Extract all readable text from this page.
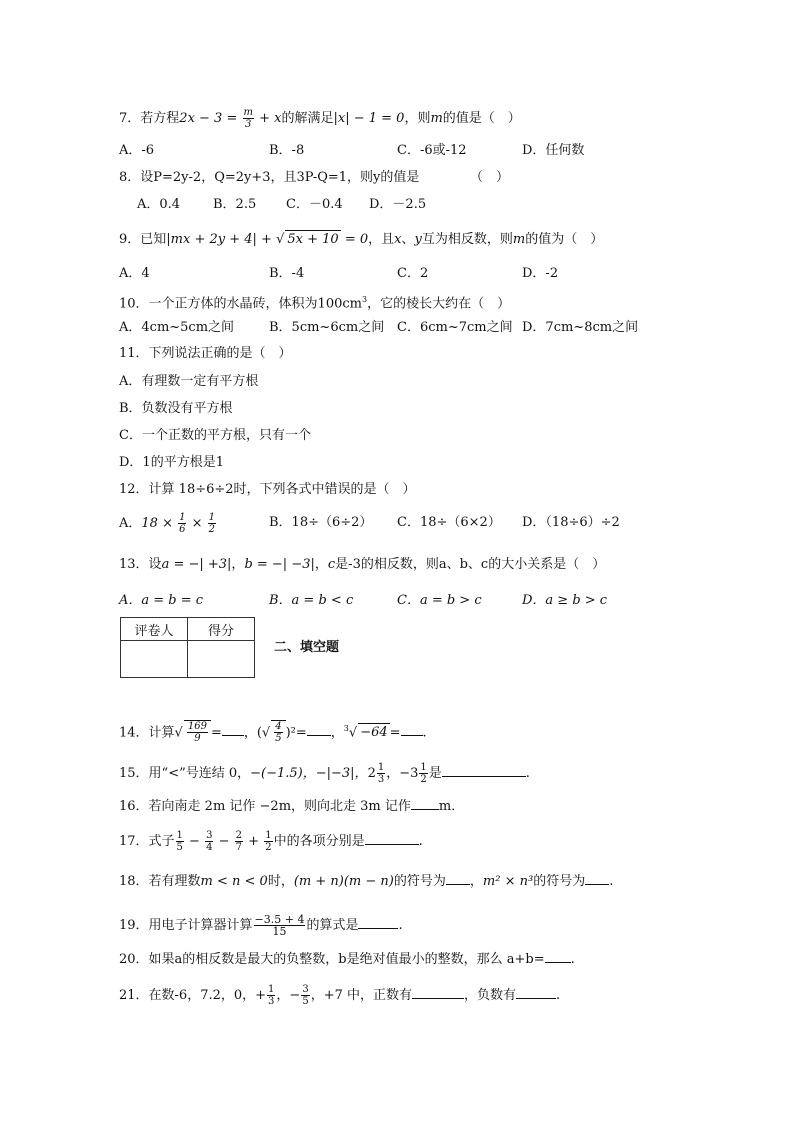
7．若方程$2x - 3 = \frac{m}{3} + x$的解满足|x| − 1 = 0，则m的值是（　）
A．-6	B．-8	C．-6或-12	D．任何数
8．设P=2y-2，Q=2y+3，且3P-Q=1，则y的值是	（　）
A．0.4	B．2.5 C．－0.4 D．－2.5
9．已知|mx + 2y + 4| + √ 5x + 10 = 0，且x、y互为相反数，则m的值为（　）
A．4	B．-4	C．2	D．-2
10．一个正方体的水晶砖，体积为$100cm^3$，它的棱长大约在（　）
A．4cm~5cm之间	B．5cm~6cm之间 C．6cm~7cm之间 D．7cm~8cm之间
11．下列说法正确的是（　）
A．有理数一定有平方根
B．负数没有平方根
C．一个正数的平方根，只有一个
D．1的平方根是1
12．计算 18÷6÷2时，下列各式中错误的是（　）
A．$18 \times \frac{1}{6} \times \frac{1}{2}$	B．18÷（6÷2） C．18÷（6×2） D．（18÷6）÷2
13．设a = −| +3|，b = −| −3|，c是-3的相反数，则a、b、c的大小关系是（　）
A．a = b = c	B．a = b < c	C．a = b > c	D．a ≥ b > c
评卷人	得分

二、填空题
14．计算√ $\frac{169}{9}$ = ，(√ $\frac{4}{5} )^2=$ ，$^3$√ −64 = .
15．用“<”号连结 0，−(−1.5)，−|−3|，$2 \frac{1}{3}$ ，$-3 \frac{1}{2}$ 是	.
16．若向南走 2m 记作 −2m，则向北走 3m 记作 m．
17．式子 $\frac{1}{5} - \frac{3}{4} - \frac{2}{7} + \frac{1}{2}$ 中的各项分别是	.
18．若有理数m < n < 0时，(m + n)(m − n)的符号为 ，m² × n³的符号为 .
19．用电子计算器计算 $\frac{-3.5 + 4}{15}$ 的算式是	.
20．如果a的相反数是最大的负整数，b是绝对值最小的整数，那么 a+b= .
21．在数-6，7.2，0，+ $\frac{1}{3}$ ，− $\frac{3}{5}$ ，+7 中，正数有	，负数有	.
